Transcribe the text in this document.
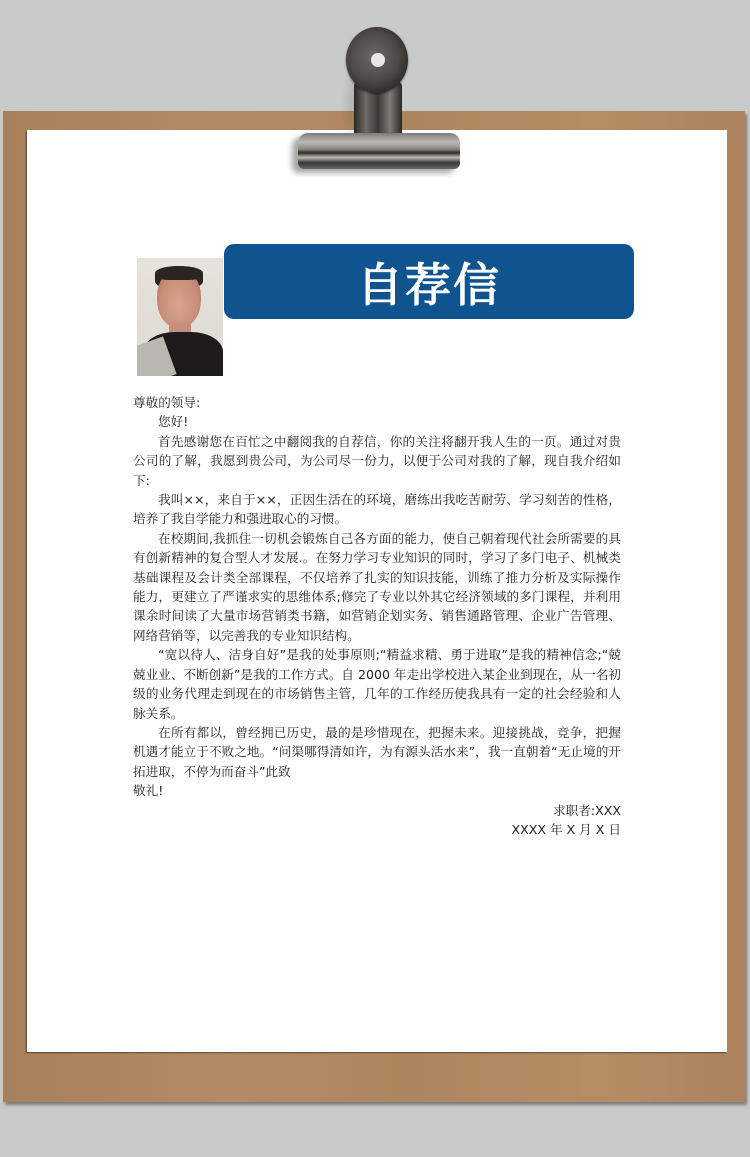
自荐信

尊敬的领导:

您好!

首先感谢您在百忙之中翻阅我的自荐信，你的关注将翻开我人生的一页。通过对贵公司的了解，我愿到贵公司，为公司尽一份力，以便于公司对我的了解，现自我介绍如下:

我叫××，来自于××，正因生活在的环境，磨练出我吃苦耐劳、学习刻苦的性格，培养了我自学能力和强进取心的习惯。

在校期间,我抓住一切机会锻炼自己各方面的能力，使自己朝着现代社会所需要的具有创新精神的复合型人才发展.。在努力学习专业知识的同时，学习了多门电子、机械类基础课程及会计类全部课程，不仅培养了扎实的知识技能，训练了推力分析及实际操作能力，更建立了严谨求实的思维体系;修完了专业以外其它经济领域的多门课程，并利用课余时间读了大量市场营销类书籍，如营销企划实务、销售通路管理、企业广告管理、网络营销等，以完善我的专业知识结构。

“宽以待人、洁身自好”是我的处事原则;“精益求精、勇于进取”是我的精神信念;“兢兢业业、不断创新”是我的工作方式。自 2000 年走出学校进入某企业到现在，从一名初级的业务代理走到现在的市场销售主管，几年的工作经历使我具有一定的社会经验和人脉关系。

在所有都以，曾经拥已历史，最的是珍惜现在，把握未来。迎接挑战，竞争，把握机遇才能立于不败之地。“问渠哪得清如许，为有源头活水来”，我一直朝着“无止境的开拓进取，不停为而奋斗”此致

敬礼!

求职者:XXX

XXXX 年 X 月 X 日
